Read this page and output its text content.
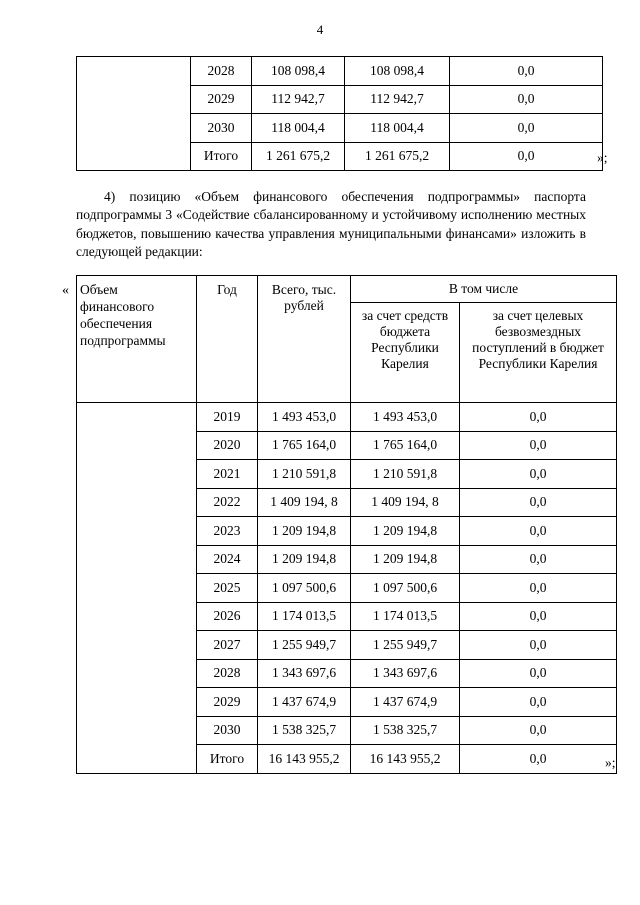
4
	2028	108 098,4	108 098,4	0,0
	2029	112 942,7	112 942,7	0,0
	2030	118 004,4	118 004,4	0,0
	Итого	1 261 675,2	1 261 675,2	0,0	»;

4) позицию «Объем финансового обеспечения подпрограммы» паспорта подпрограммы 3 «Содействие сбалансированному и устойчивому исполнению местных бюджетов, повышению качества управления муниципальными финансами» изложить в следующей редакции:

« Объем финансового обеспечения подпрограммы	Год	Всего, тыс. рублей	В том числе	
			за счет средств бюджета Республики Карелия	за счет целевых безвозмездных поступлений в бюджет Республики Карелия
	2019	1 493 453,0	1 493 453,0	0,0
	2020	1 765 164,0	1 765 164,0	0,0
	2021	1 210 591,8	1 210 591,8	0,0
	2022	1 409 194, 8	1 409 194, 8	0,0
	2023	1 209 194,8	1 209 194,8	0,0
	2024	1 209 194,8	1 209 194,8	0,0
	2025	1 097 500,6	1 097 500,6	0,0
	2026	1 174 013,5	1 174 013,5	0,0
	2027	1 255 949,7	1 255 949,7	0,0
	2028	1 343 697,6	1 343 697,6	0,0
	2029	1 437 674,9	1 437 674,9	0,0
	2030	1 538 325,7	1 538 325,7	0,0
	Итого	16 143 955,2	16 143 955,2	0,0	»;
